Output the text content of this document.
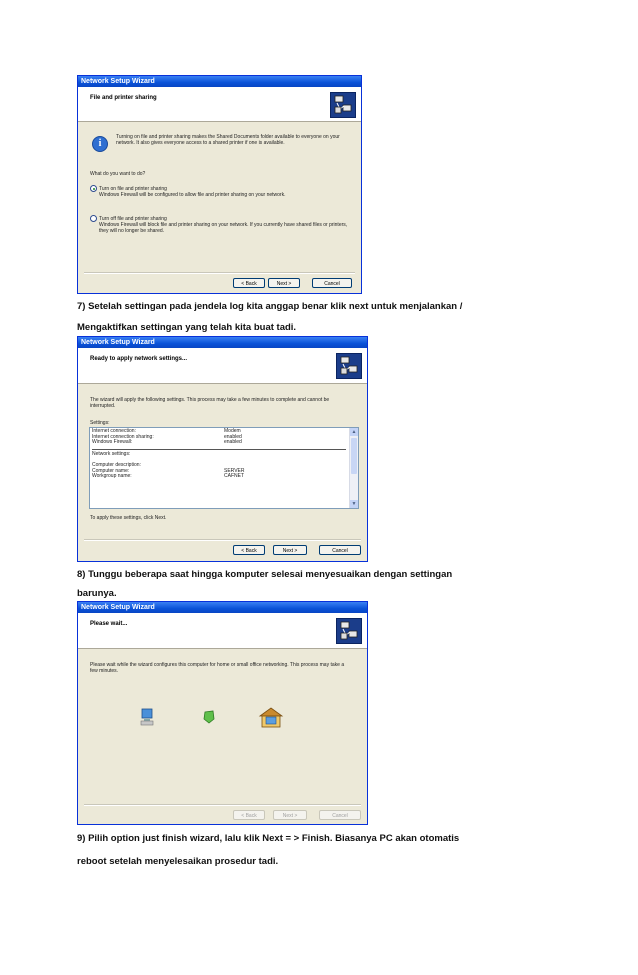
Network Setup Wizard
File and printer sharing
Turning on file and printer sharing makes the Shared Documents folder available to everyone on your network. It also gives everyone access to a shared printer if one is available.
i
What do you want to do?
Turn on file and printer sharing
Windows Firewall will be configured to allow file and printer sharing on your network.
Turn off file and printer sharing
Windows Firewall will block file and printer sharing on your network. If you currently have shared files or printers, they will no longer be shared.
< Back	Next >	Cancel
7) Setelah settingan pada jendela log kita anggap benar klik next untuk menjalankan /
Mengaktifkan settingan yang telah kita buat tadi.
Network Setup Wizard
Ready to apply network settings...
The wizard will apply the following settings. This process may take a few minutes to complete and cannot be interrupted.
Settings:
Internet connection:	Modem
Internet connection sharing:	enabled
Windows Firewall:	enabled
Network settings:
Computer description:
Computer name:	SERVER
Workgroup name:	CAFNET
▲
▼
To apply these settings, click Next.
< Back	Next >	Cancel
8) Tunggu beberapa saat hingga komputer selesai menyesuaikan dengan settingan
barunya.
Network Setup Wizard
Please wait...
Please wait while the wizard configures this computer for home or small office networking. This process may take a few minutes.
< Back	Next >	Cancel
9) Pilih option just finish wizard, lalu klik Next = > Finish. Biasanya PC akan otomatis
reboot setelah menyelesaikan prosedur tadi.
